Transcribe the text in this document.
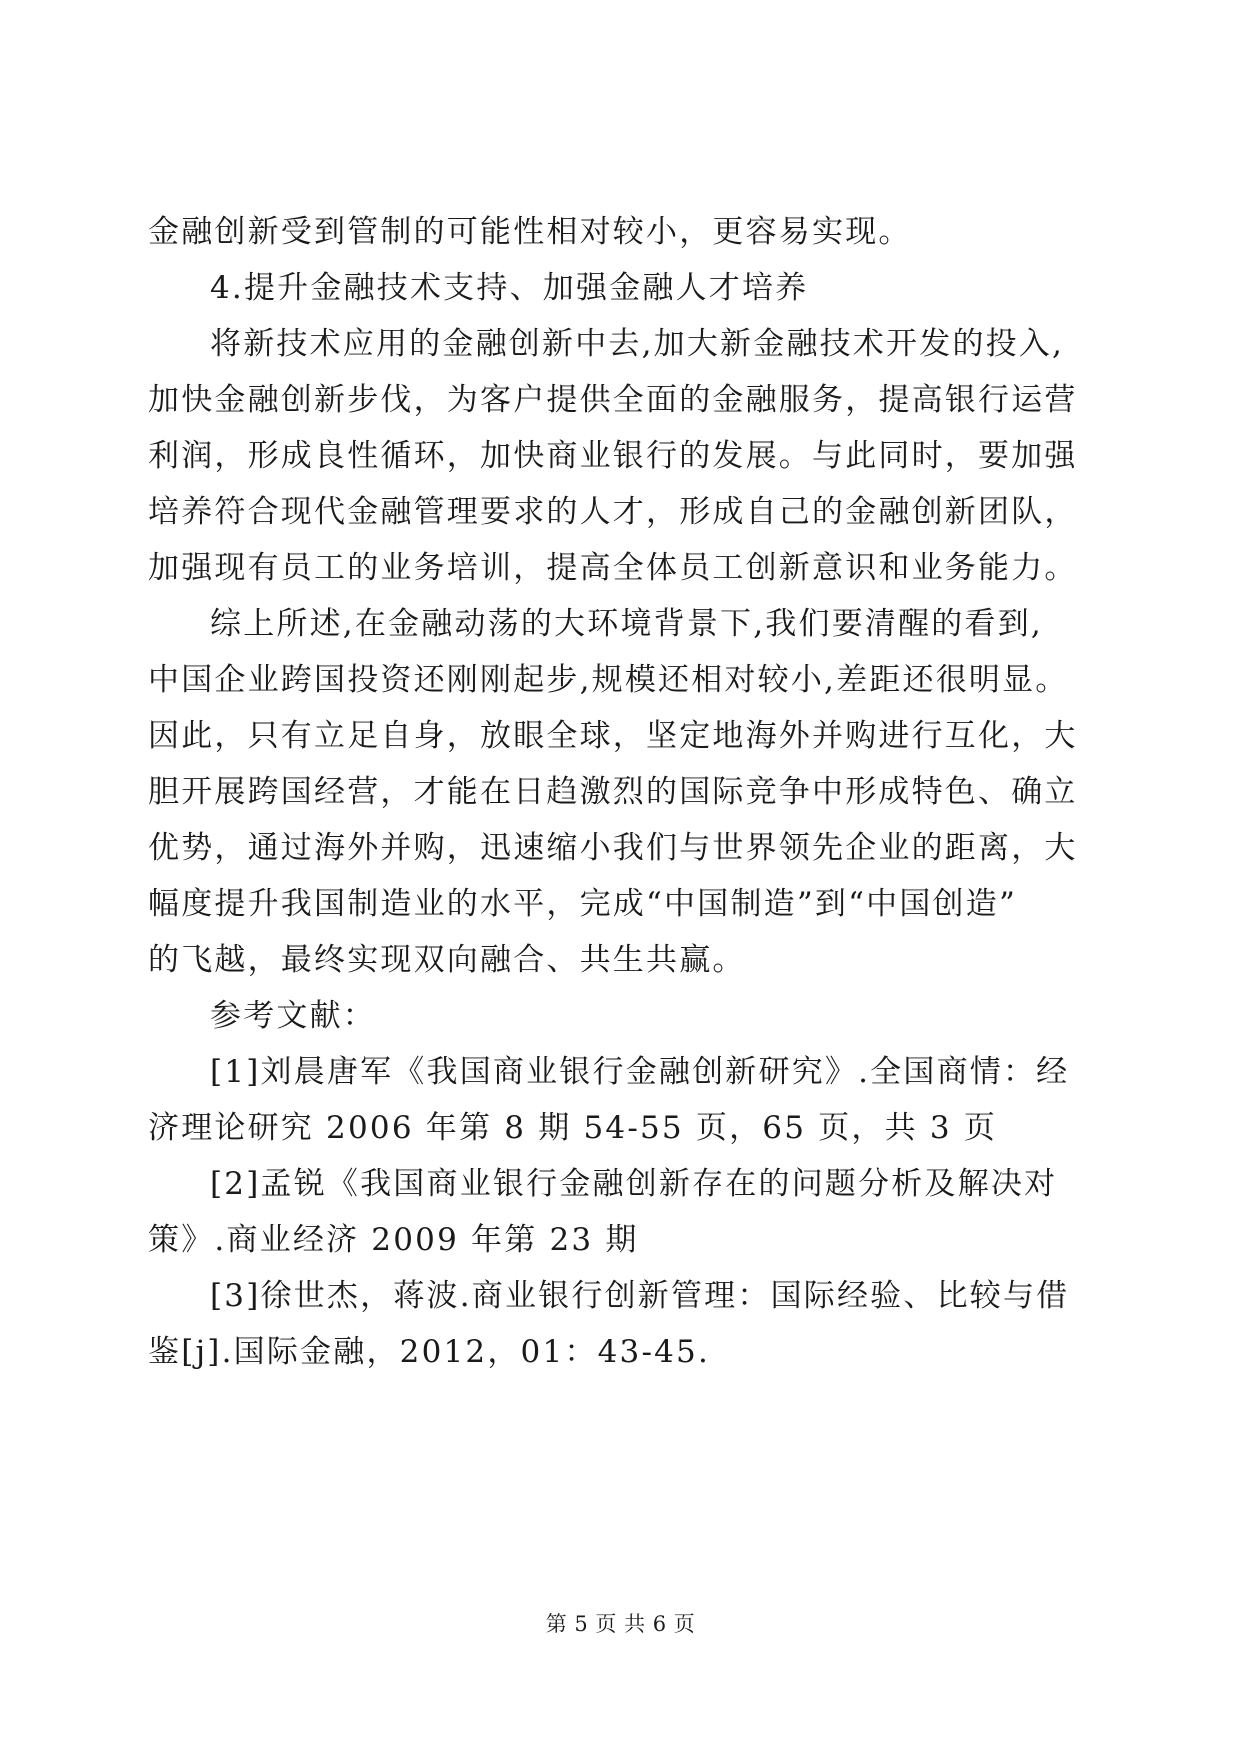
金融创新受到管制的可能性相对较小，更容易实现。
4.提升金融技术支持、加强金融人才培养
将新技术应用的金融创新中去,加大新金融技术开发的投入,
加快金融创新步伐，为客户提供全面的金融服务，提高银行运营
利润，形成良性循环，加快商业银行的发展。与此同时，要加强
培养符合现代金融管理要求的人才，形成自己的金融创新团队，
加强现有员工的业务培训，提高全体员工创新意识和业务能力。
综上所述,在金融动荡的大环境背景下,我们要清醒的看到,
中国企业跨国投资还刚刚起步,规模还相对较小,差距还很明显。
因此，只有立足自身，放眼全球，坚定地海外并购进行互化，大
胆开展跨国经营，才能在日趋激烈的国际竞争中形成特色、确立
优势，通过海外并购，迅速缩小我们与世界领先企业的距离，大
幅度提升我国制造业的水平，完成“中国制造”到“中国创造”
的飞越，最终实现双向融合、共生共赢。
参考文献：
[1]刘晨唐军《我国商业银行金融创新研究》.全国商情：经
济理论研究 2006 年第 8 期 54-55 页，65 页，共 3 页
[2]孟锐《我国商业银行金融创新存在的问题分析及解决对
策》.商业经济 2009 年第 23 期
[3]徐世杰，蒋波.商业银行创新管理：国际经验、比较与借
鉴[j].国际金融，2012，01：43-45.
第 5 页 共 6 页
